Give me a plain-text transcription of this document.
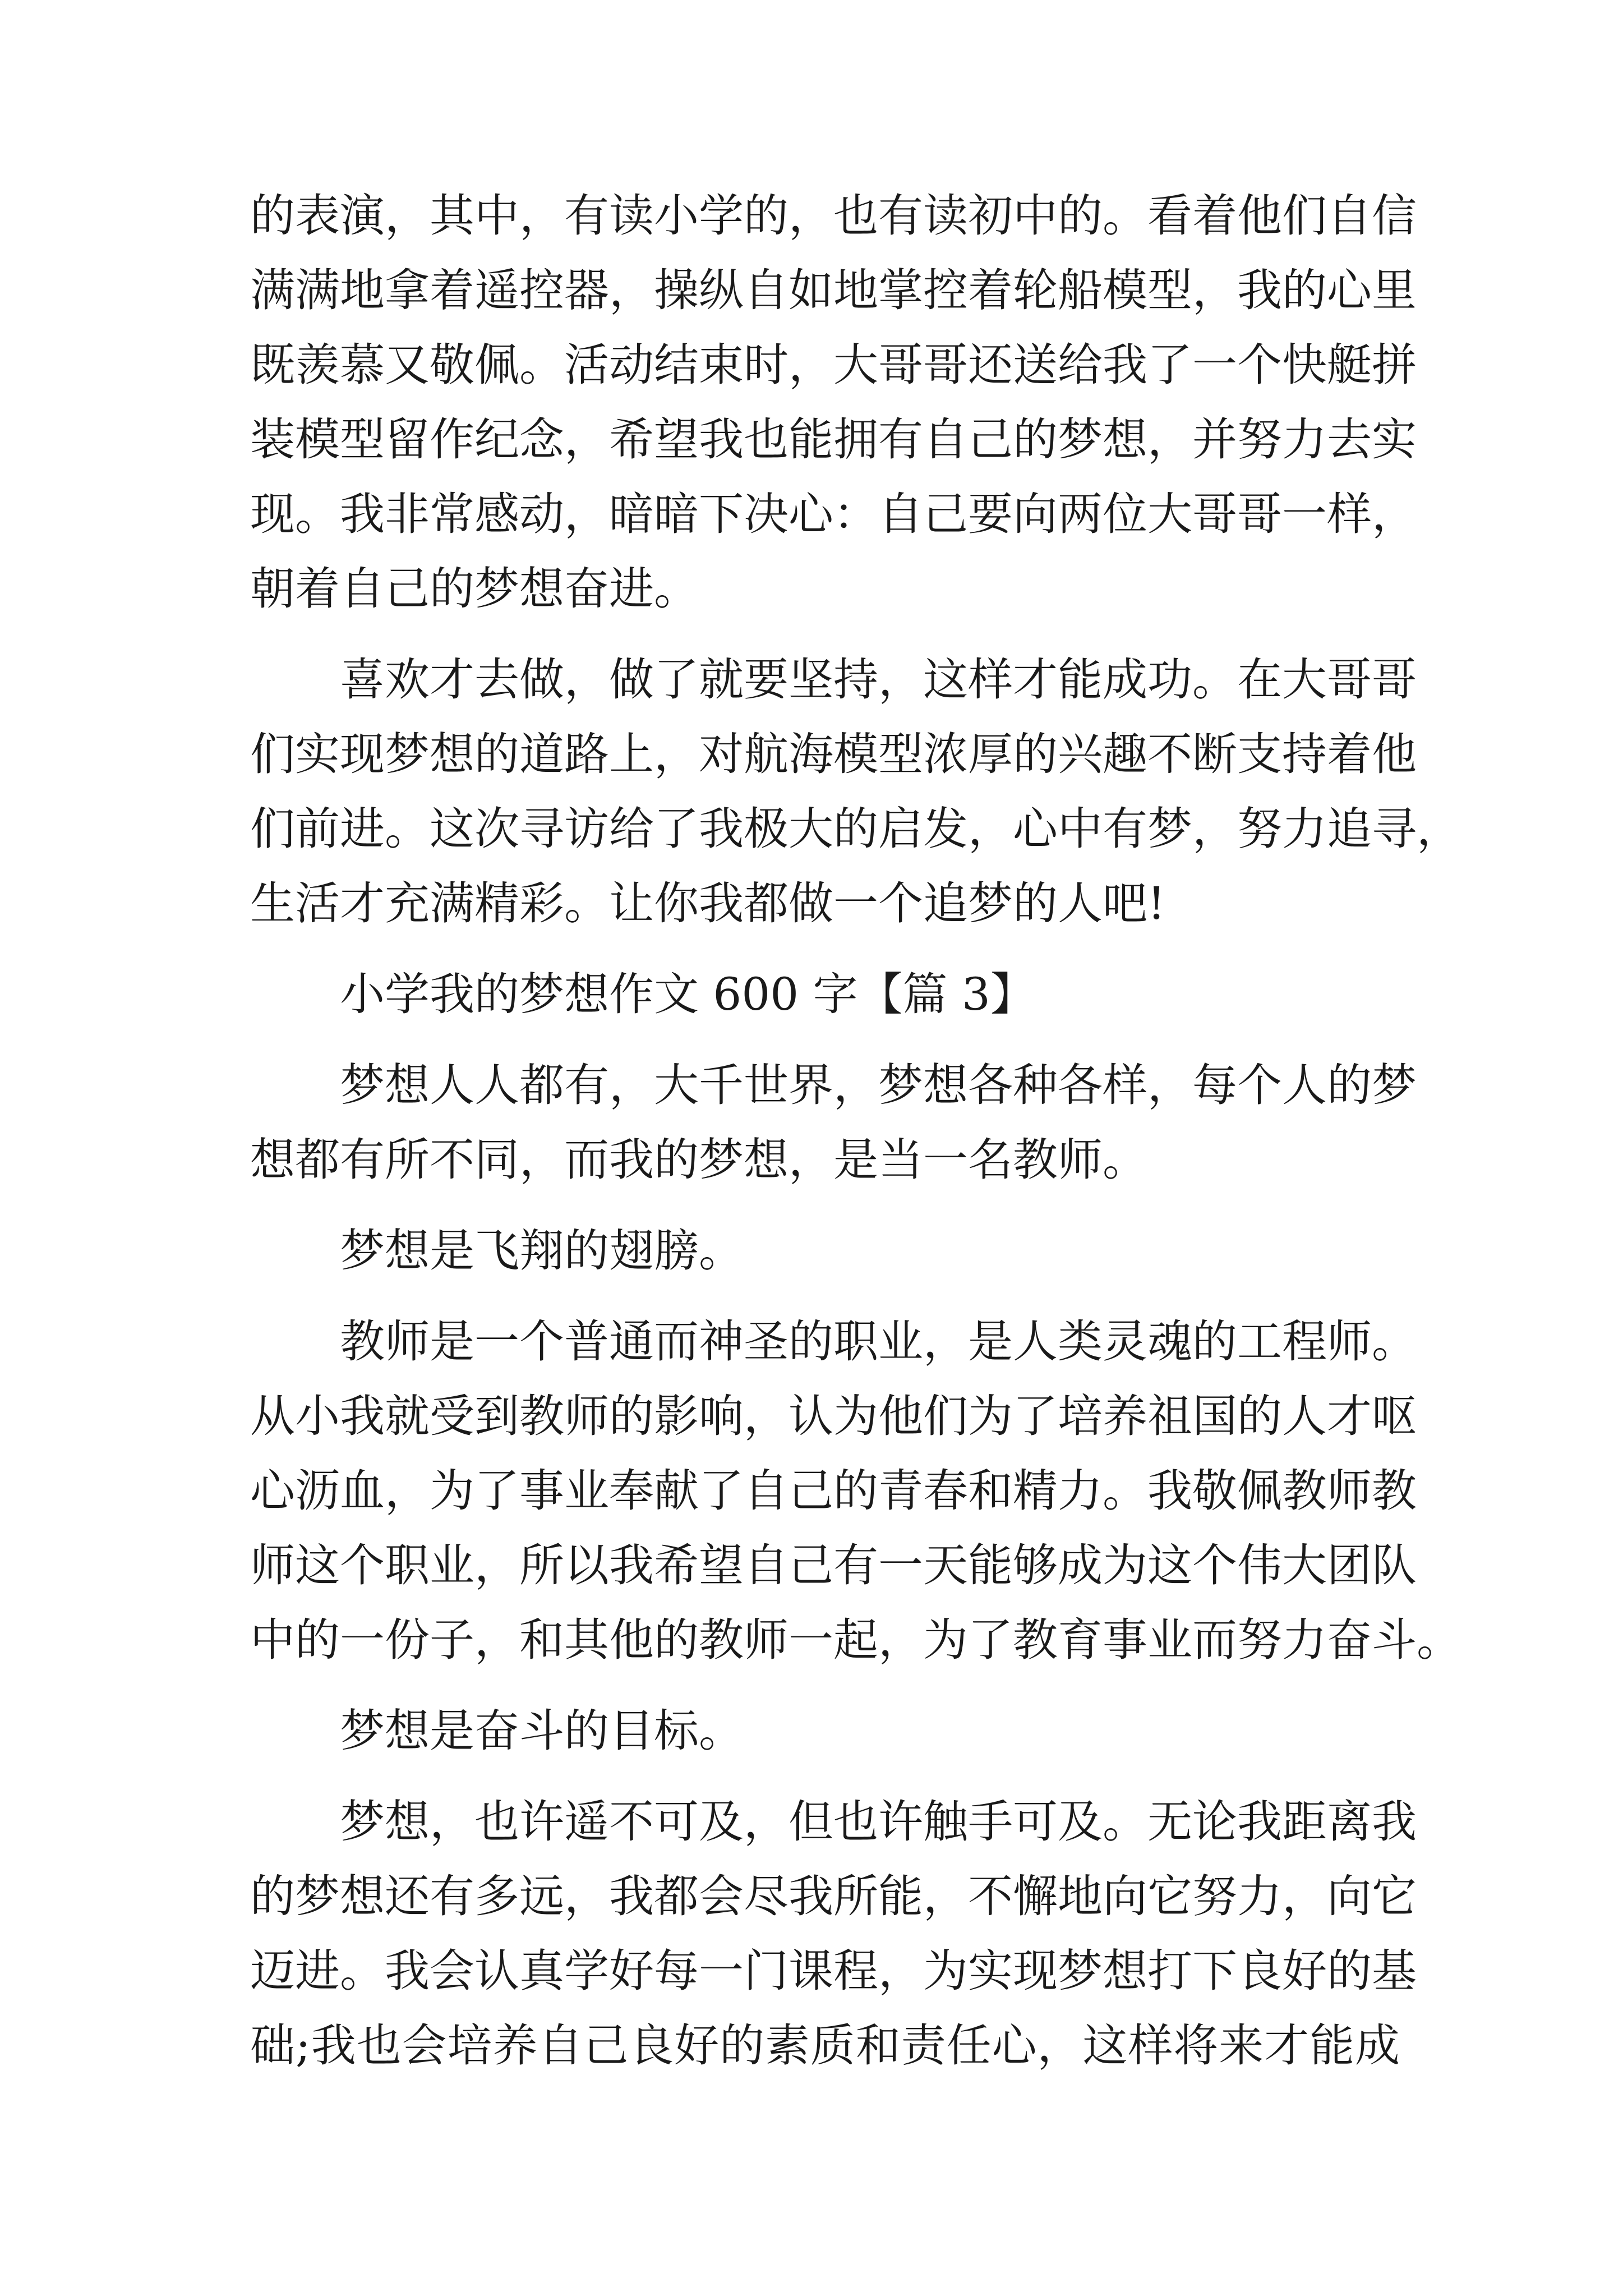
的表演，其中，有读小学的，也有读初中的。看着他们自信
满满地拿着遥控器，操纵自如地掌控着轮船模型，我的心里
既羡慕又敬佩。活动结束时，大哥哥还送给我了一个快艇拼
装模型留作纪念，希望我也能拥有自己的梦想，并努力去实
现。我非常感动，暗暗下决心：自己要向两位大哥哥一样，
朝着自己的梦想奋进。
喜欢才去做，做了就要坚持，这样才能成功。在大哥哥
们实现梦想的道路上，对航海模型浓厚的兴趣不断支持着他
们前进。这次寻访给了我极大的启发，心中有梦，努力追寻，
生活才充满精彩。让你我都做一个追梦的人吧!
小学我的梦想作文 600 字【篇 3】
梦想人人都有，大千世界，梦想各种各样，每个人的梦
想都有所不同，而我的梦想，是当一名教师。
梦想是飞翔的翅膀。
教师是一个普通而神圣的职业，是人类灵魂的工程师。
从小我就受到教师的影响，认为他们为了培养祖国的人才呕
心沥血，为了事业奉献了自己的青春和精力。我敬佩教师教
师这个职业，所以我希望自己有一天能够成为这个伟大团队
中的一份子，和其他的教师一起，为了教育事业而努力奋斗。
梦想是奋斗的目标。
梦想，也许遥不可及，但也许触手可及。无论我距离我
的梦想还有多远，我都会尽我所能，不懈地向它努力，向它
迈进。我会认真学好每一门课程，为实现梦想打下良好的基
础;我也会培养自己良好的素质和责任心，这样将来才能成
